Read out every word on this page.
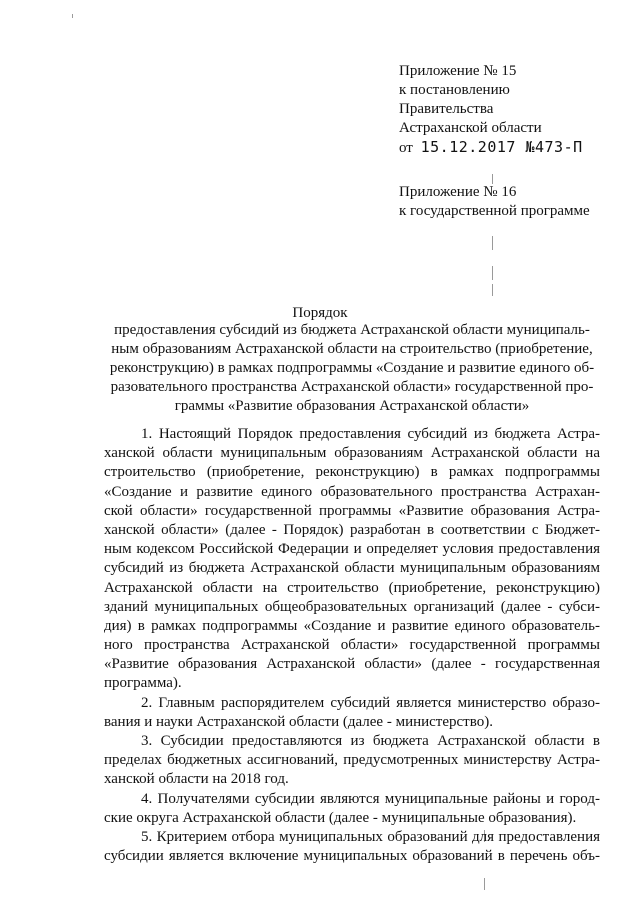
Приложение № 15
к постановлению
Правительства
Астраханской области
от 15.12.2017 №473-П
Приложение № 16
к государственной программе
Порядок
предоставления субсидий из бюджета Астраханской области муниципаль-
ным образованиям Астраханской области на строительство (приобретение,
реконструкцию) в рамках подпрограммы «Создание и развитие единого об-
разовательного пространства Астраханской области» государственной про-
граммы «Развитие образования Астраханской области»
1. Настоящий Порядок предоставления субсидий из бюджета Астра-
ханской области муниципальным образованиям Астраханской области на
строительство (приобретение, реконструкцию) в рамках подпрограммы
«Создание и развитие единого образовательного пространства Астрахан-
ской области» государственной программы «Развитие образования Астра-
ханской области» (далее - Порядок) разработан в соответствии с Бюджет-
ным кодексом Российской Федерации и определяет условия предоставления
субсидий из бюджета Астраханской области муниципальным образованиям
Астраханской области на строительство (приобретение, реконструкцию)
зданий муниципальных общеобразовательных организаций (далее - субси-
дия) в рамках подпрограммы «Создание и развитие единого образователь-
ного пространства Астраханской области» государственной программы
«Развитие образования Астраханской области» (далее - государственная
программа).
2. Главным распорядителем субсидий является министерство образо-
вания и науки Астраханской области (далее - министерство).
3. Субсидии предоставляются из бюджета Астраханской области в
пределах бюджетных ассигнований, предусмотренных министерству Астра-
ханской области на 2018 год.
4. Получателями субсидии являются муниципальные районы и город-
ские округа Астраханской области (далее - муниципальные образования).
5. Критерием отбора муниципальных образований для предоставления
субсидии является включение муниципальных образований в перечень объ-
